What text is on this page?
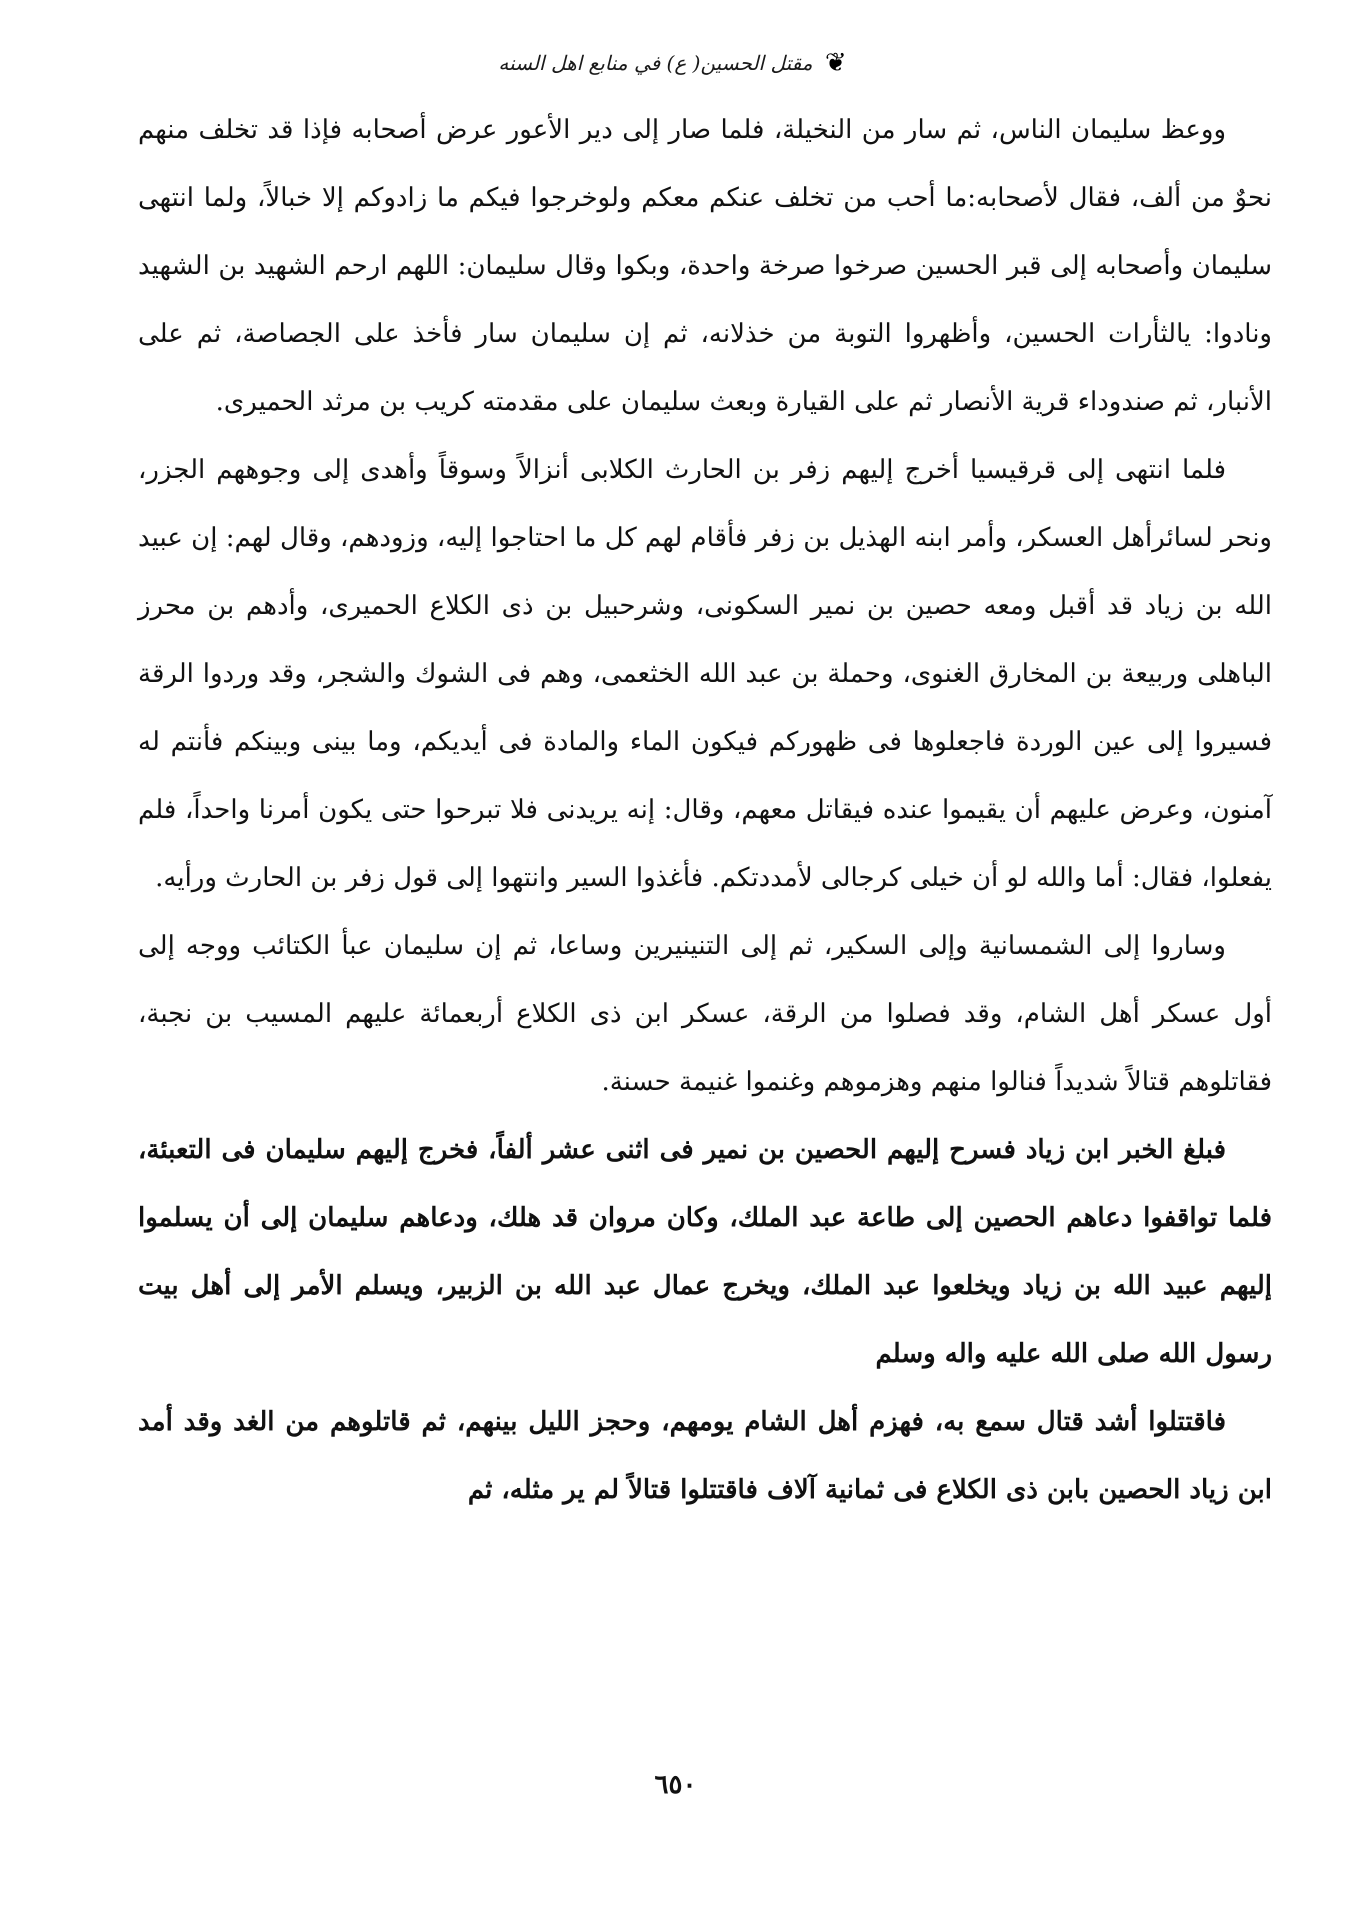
❦ مقتل الحسين( ع) في منابع اهل السنه

ووعظ سليمان الناس، ثم سار من النخيلة، فلما صار إلى دير الأعور عرض أصحابه فإذا قد تخلف منهم نحوٌ من ألف، فقال لأصحابه:ما أحب من تخلف عنكم معكم ولوخرجوا فيكم ما زادوكم إلا خبالاً، ولما انتهى سليمان وأصحابه إلى قبر الحسين صرخوا صرخة واحدة، وبكوا وقال سليمان: اللهم ارحم الشهيد بن الشهيد ونادوا: يالثأرات الحسين، وأظهروا التوبة من خذلانه، ثم إن سليمان سار فأخذ على الجصاصة، ثم على الأنبار، ثم صندوداء قرية الأنصار ثم على القيارة وبعث سليمان على مقدمته كريب بن مرثد الحميرى.

فلما انتهى إلى قرقيسيا أخرج إليهم زفر بن الحارث الكلابى أنزالاً وسوقاً وأهدى إلى وجوههم الجزر، ونحر لسائرأهل العسكر، وأمر ابنه الهذيل بن زفر فأقام لهم كل ما احتاجوا إليه، وزودهم، وقال لهم: إن عبيد الله بن زياد قد أقبل ومعه حصين بن نمير السكونى، وشرحبيل بن ذى الكلاع الحميرى، وأدهم بن محرز الباهلى وربيعة بن المخارق الغنوى، وحملة بن عبد الله الخثعمى، وهم فى الشوك والشجر، وقد وردوا الرقة فسيروا إلى عين الوردة فاجعلوها فى ظهوركم فيكون الماء والمادة فى أيديكم، وما بينى وبينكم فأنتم له آمنون، وعرض عليهم أن يقيموا عنده فيقاتل معهم، وقال: إنه يريدنى فلا تبرحوا حتى يكون أمرنا واحداً، فلم يفعلوا، فقال: أما والله لو أن خيلى كرجالى لأمددتكم. فأغذوا السير وانتهوا إلى قول زفر بن الحارث ورأيه.

وساروا إلى الشمسانية وإلى السكير، ثم إلى التنينيرين وساعا، ثم إن سليمان عبأ الكتائب ووجه إلى أول عسكر أهل الشام، وقد فصلوا من الرقة، عسكر ابن ذى الكلاع أربعمائة عليهم المسيب بن نجبة، فقاتلوهم قتالاً شديداً فنالوا منهم وهزموهم وغنموا غنيمة حسنة.

فبلغ الخبر ابن زياد فسرح إليهم الحصين بن نمير فى اثنى عشر ألفاً، فخرج إليهم سليمان فى التعبئة، فلما تواقفوا دعاهم الحصين إلى طاعة عبد الملك، وكان مروان قد هلك، ودعاهم سليمان إلى أن يسلموا إليهم عبيد الله بن زياد ويخلعوا عبد الملك، ويخرج عمال عبد الله بن الزبير، ويسلم الأمر إلى أهل بيت رسول الله صلى الله عليه واله وسلم

فاقتتلوا أشد قتال سمع به، فهزم أهل الشام يومهم، وحجز الليل بينهم، ثم قاتلوهم من الغد وقد أمد ابن زياد الحصين بابن ذى الكلاع فى ثمانية آلاف فاقتتلوا قتالاً لم ير مثله، ثم

٦٥٠
